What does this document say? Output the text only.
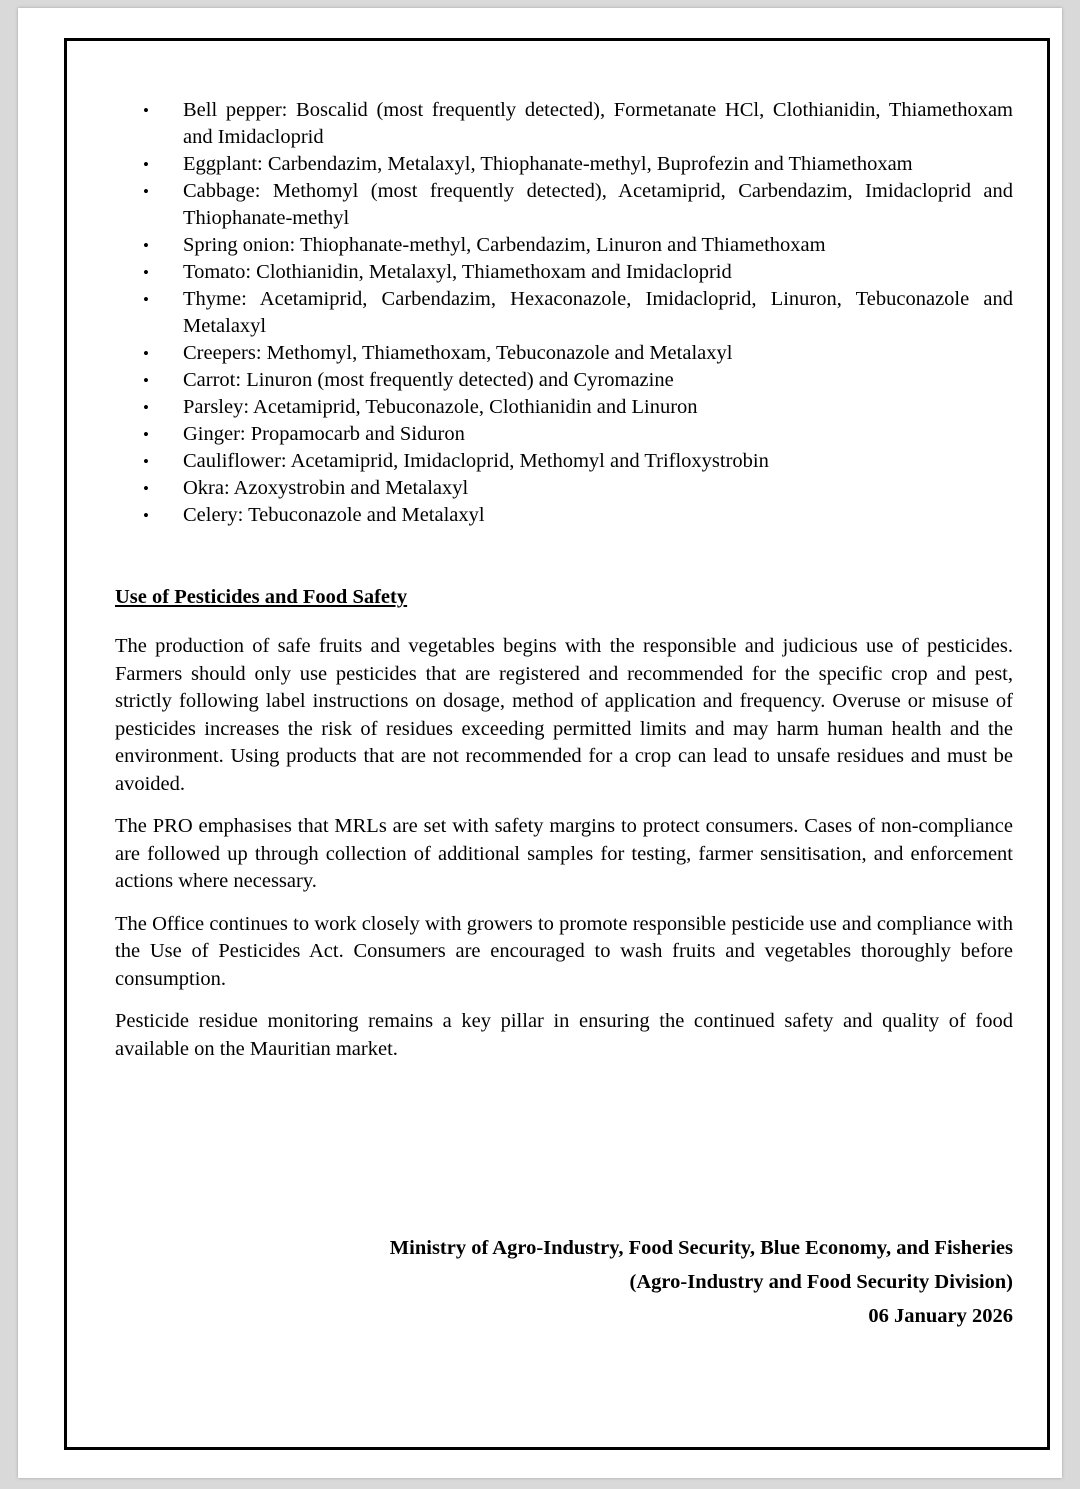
• Bell pepper: Boscalid (most frequently detected), Formetanate HCl, Clothianidin, Thiamethoxam and Imidacloprid
• Eggplant: Carbendazim, Metalaxyl, Thiophanate-methyl, Buprofezin and Thiamethoxam
• Cabbage: Methomyl (most frequently detected), Acetamiprid, Carbendazim, Imidacloprid and Thiophanate-methyl
• Spring onion: Thiophanate-methyl, Carbendazim, Linuron and Thiamethoxam
• Tomato: Clothianidin, Metalaxyl, Thiamethoxam and Imidacloprid
• Thyme: Acetamiprid, Carbendazim, Hexaconazole, Imidacloprid, Linuron, Tebuconazole and Metalaxyl
• Creepers: Methomyl, Thiamethoxam, Tebuconazole and Metalaxyl
• Carrot: Linuron (most frequently detected) and Cyromazine
• Parsley: Acetamiprid, Tebuconazole, Clothianidin and Linuron
• Ginger: Propamocarb and Siduron
• Cauliflower: Acetamiprid, Imidacloprid, Methomyl and Trifloxystrobin
• Okra: Azoxystrobin and Metalaxyl
• Celery: Tebuconazole and Metalaxyl
Use of Pesticides and Food Safety

The production of safe fruits and vegetables begins with the responsible and judicious use of pesticides. Farmers should only use pesticides that are registered and recommended for the specific crop and pest, strictly following label instructions on dosage, method of application and frequency. Overuse or misuse of pesticides increases the risk of residues exceeding permitted limits and may harm human health and the environment. Using products that are not recommended for a crop can lead to unsafe residues and must be avoided.

The PRO emphasises that MRLs are set with safety margins to protect consumers. Cases of non-compliance are followed up through collection of additional samples for testing, farmer sensitisation, and enforcement actions where necessary.

The Office continues to work closely with growers to promote responsible pesticide use and compliance with the Use of Pesticides Act. Consumers are encouraged to wash fruits and vegetables thoroughly before consumption.

Pesticide residue monitoring remains a key pillar in ensuring the continued safety and quality of food available on the Mauritian market.

Ministry of Agro-Industry, Food Security, Blue Economy, and Fisheries
(Agro-Industry and Food Security Division)
06 January 2026
